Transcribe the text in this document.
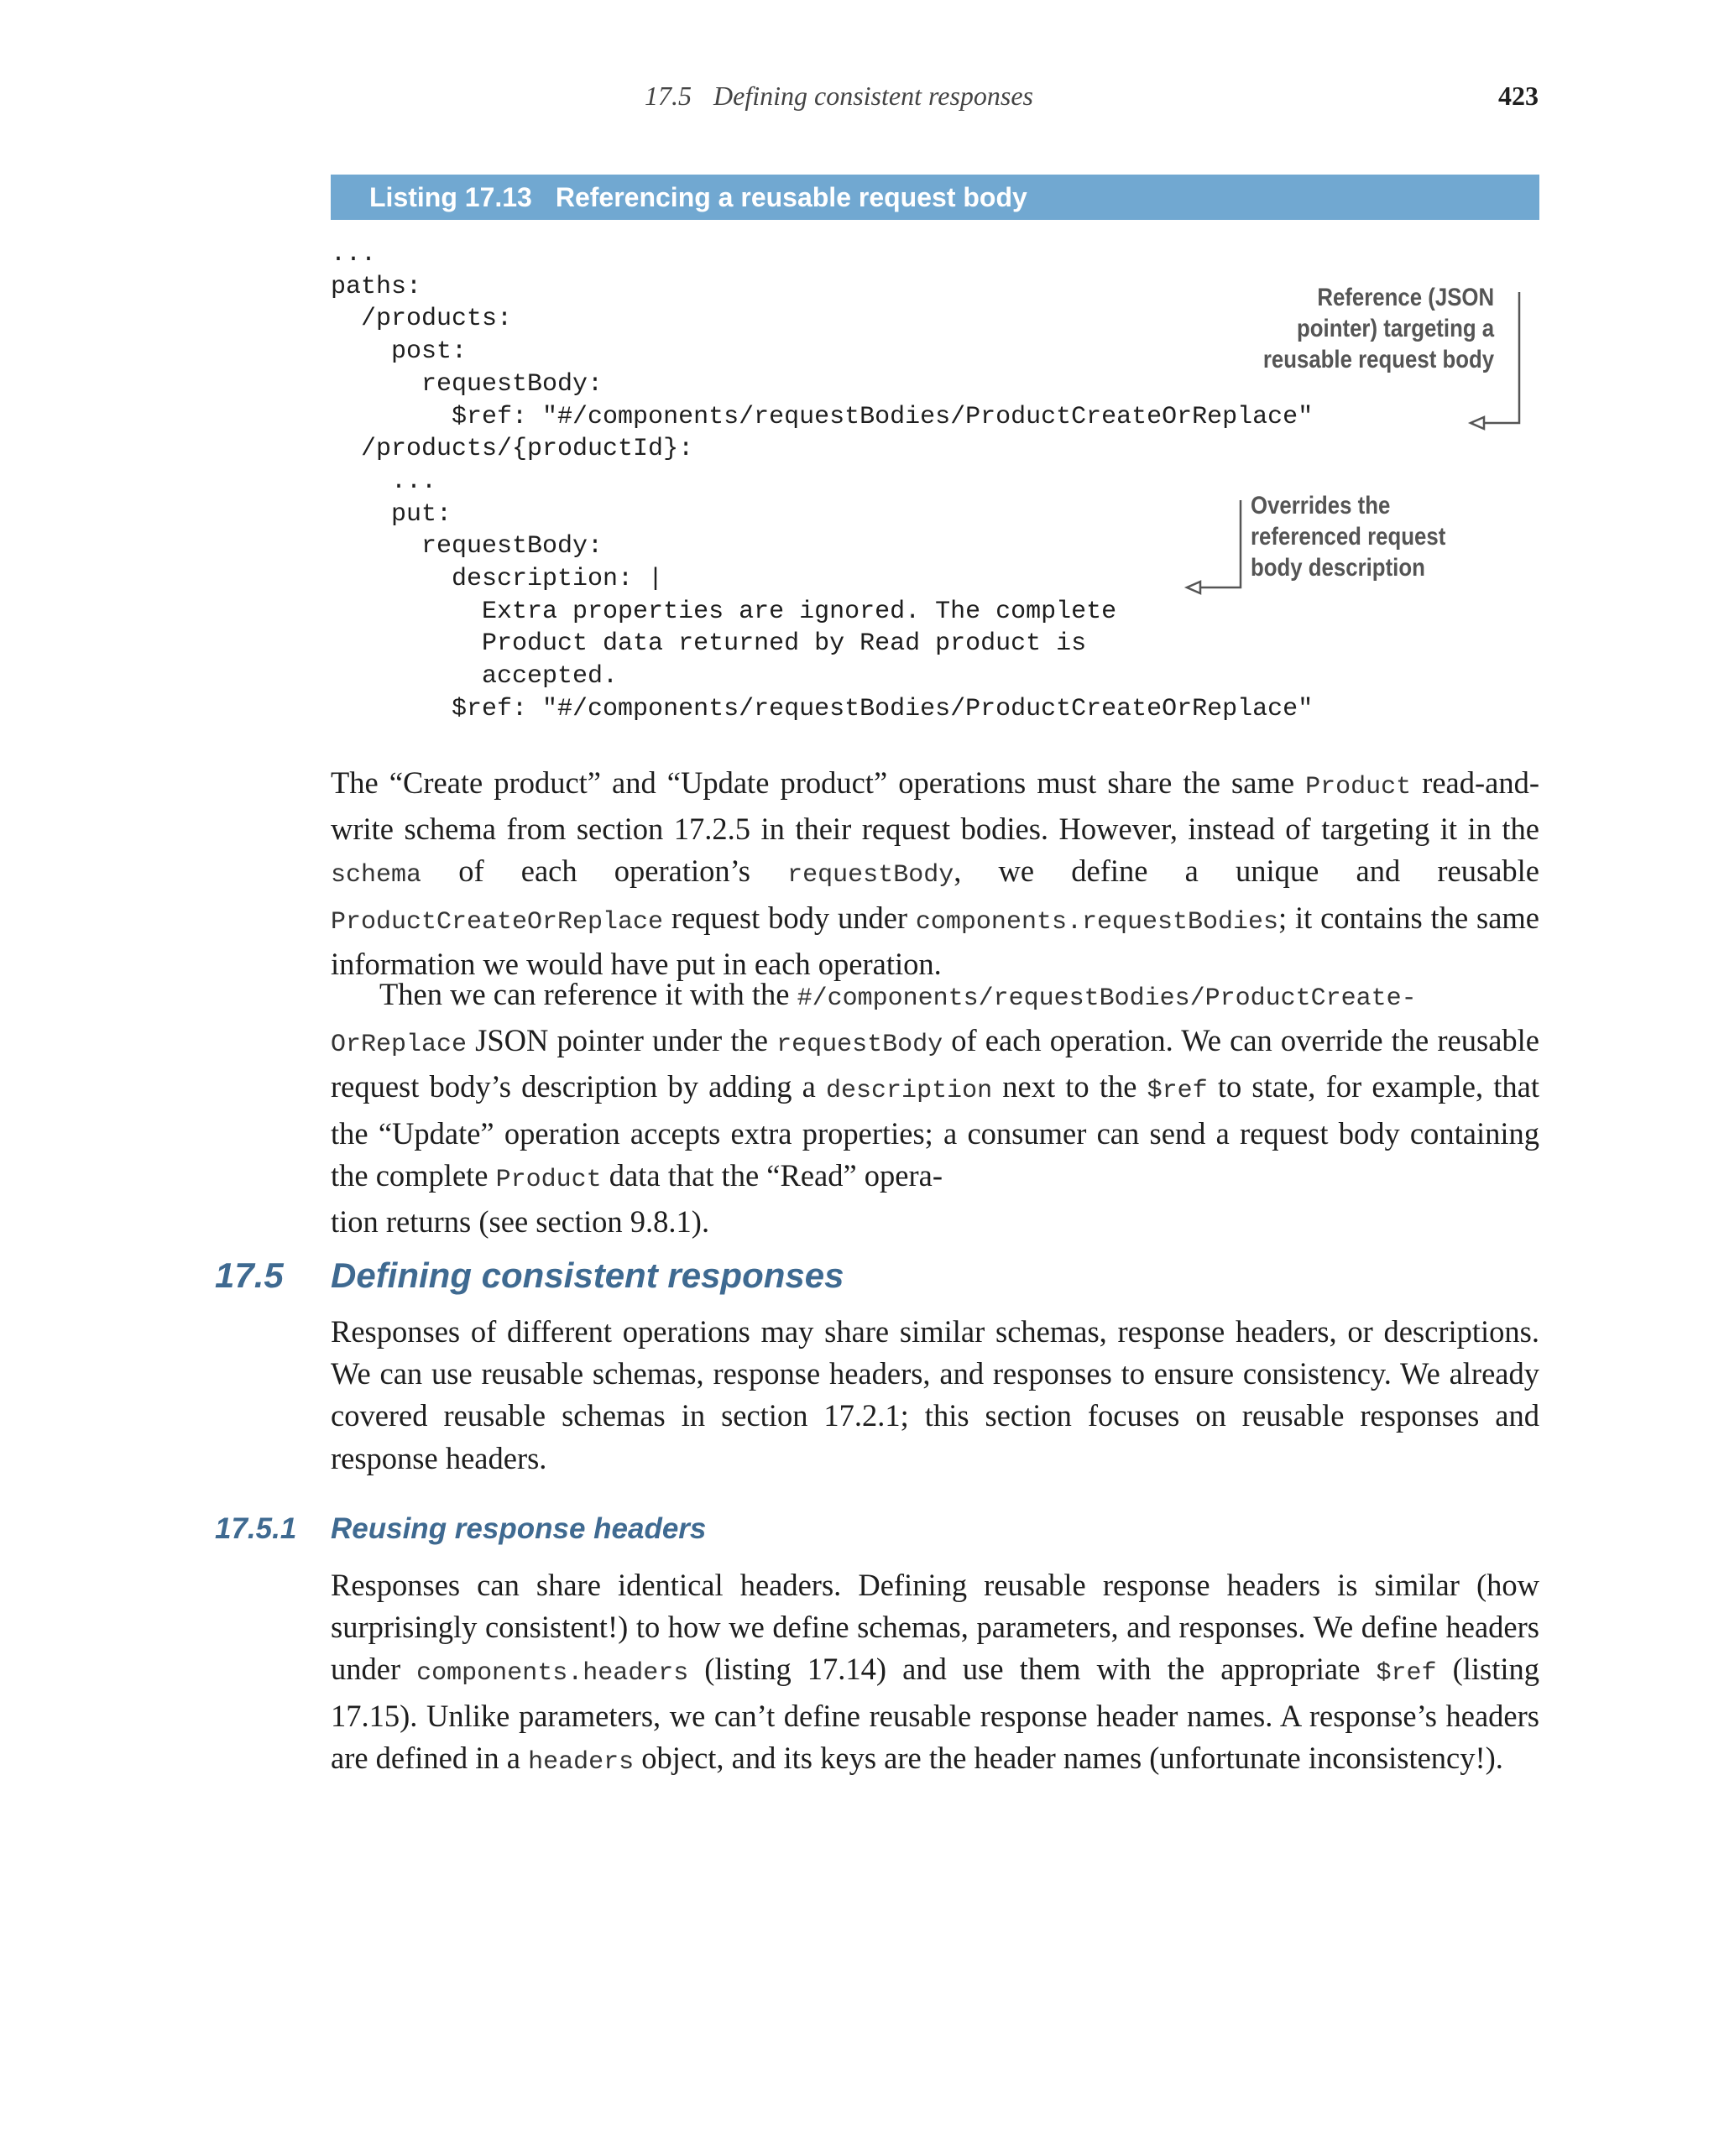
17.5 Defining consistent responses	423
Listing 17.13 Referencing a reusable request body
...
paths:
/products:
post:
requestBody:
$ref: "#/components/requestBodies/ProductCreateOrReplace"
/products/{productId}:
...
put:
requestBody:
description: |
Extra properties are ignored. The complete
Product data returned by Read product is
accepted.
$ref: "#/components/requestBodies/ProductCreateOrReplace"
Reference (JSON
pointer) targeting a
reusable request body
Overrides the
referenced request
body description

The “Create product” and “Update product” operations must share the same Product read-and-write schema from section 17.2.5 in their request bodies. However, instead of targeting it in the schema of each operation’s requestBody, we define a unique and reusable ProductCreateOrReplace request body under components.requestBodies; it contains the same information we would have put in each operation.

Then we can reference it with the #/components/requestBodies/ProductCreate-
OrReplace JSON pointer under the requestBody of each operation. We can override the reusable request body’s description by adding a description next to the $ref to state, for example, that the “Update” operation accepts extra properties; a consumer can send a request body containing the complete Product data that the “Read” opera-
tion returns (see section 9.8.1).

17.5 Defining consistent responses

Responses of different operations may share similar schemas, response headers, or descriptions. We can use reusable schemas, response headers, and responses to ensure consistency. We already covered reusable schemas in section 17.2.1; this section focuses on reusable responses and response headers.

17.5.1 Reusing response headers

Responses can share identical headers. Defining reusable response headers is similar (how surprisingly consistent!) to how we define schemas, parameters, and responses. We define headers under components.headers (listing 17.14) and use them with the appropriate $ref (listing 17.15). Unlike parameters, we can’t define reusable response header names. A response’s headers are defined in a headers object, and its keys are the header names (unfortunate inconsistency!).
